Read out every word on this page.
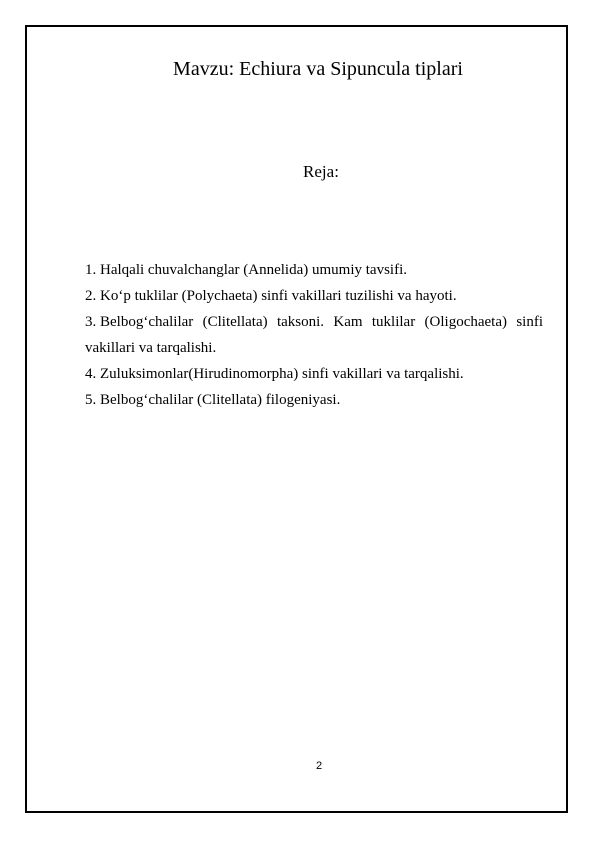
Mavzu: Echiura va Sipuncula tiplari
Reja:
1. Halqali chuvalchanglar (Annelida) umumiy tavsifi.
2. Ko‘p tuklilar (Polychaeta) sinfi vakillari tuzilishi va hayoti.
3. Belbog‘chalilar (Clitellata) taksoni. Kam tuklilar (Oligochaeta) sinfi vakillari va tarqalishi.
4. Zuluksimonlar(Hirudinomorpha) sinfi vakillari va tarqalishi.
5. Belbog‘chalilar (Clitellata) filogeniyasi.
2
